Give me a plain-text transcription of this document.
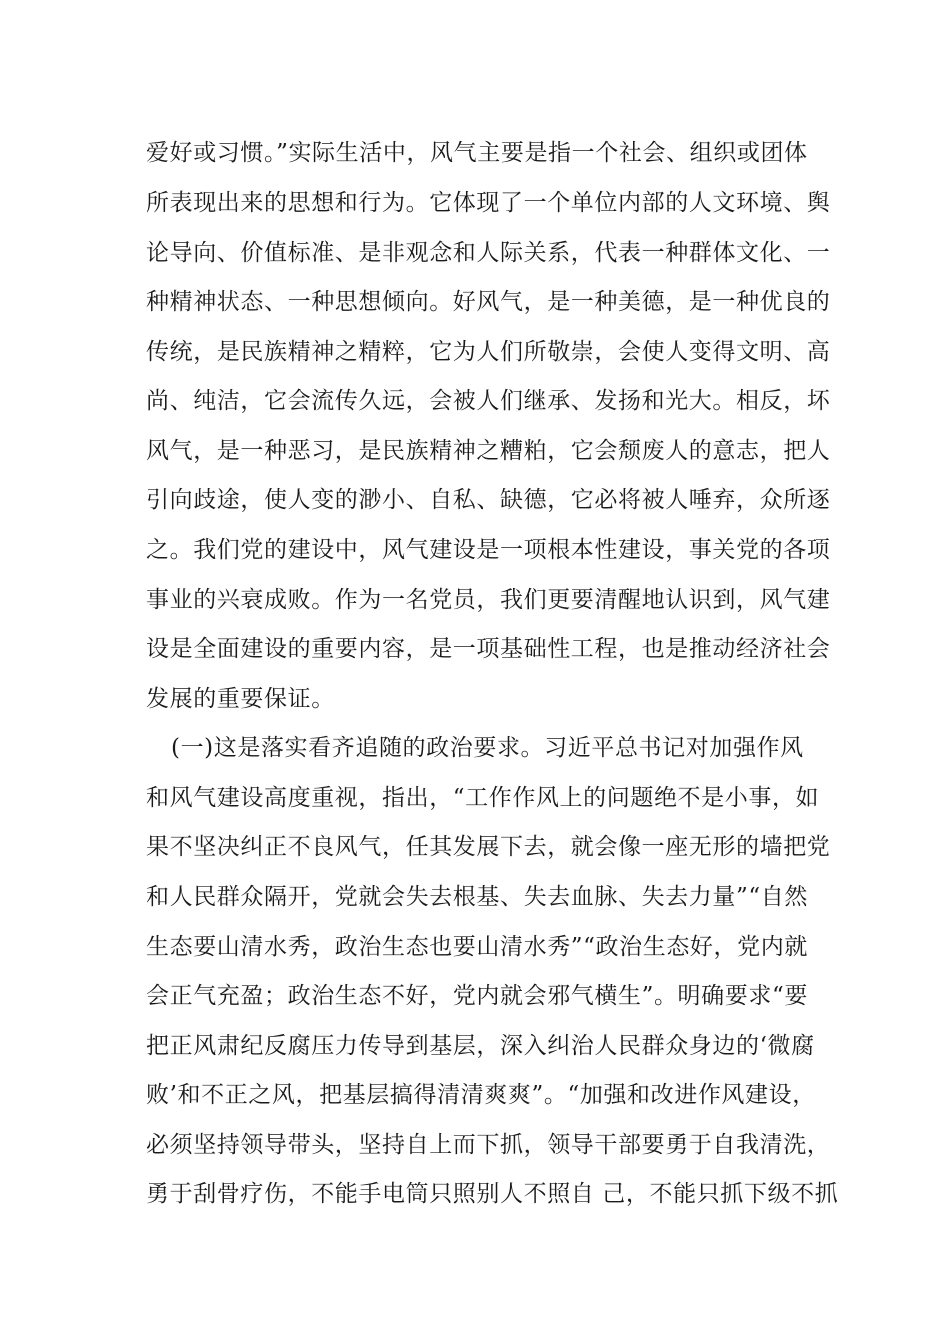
爱好或习惯。”实际生活中，风气主要是指一个社会、组织或团体
所表现出来的思想和行为。它体现了一个单位内部的人文环境、舆
论导向、价值标准、是非观念和人际关系，代表一种群体文化、一
种精神状态、一种思想倾向。好风气，是一种美德，是一种优良的
传统，是民族精神之精粹，它为人们所敬崇，会使人变得文明、高
尚、纯洁，它会流传久远，会被人们继承、发扬和光大。相反，坏
风气，是一种恶习，是民族精神之糟粕，它会颓废人的意志，把人
引向歧途，使人变的渺小、自私、缺德，它必将被人唾弃，众所逐
之。我们党的建设中，风气建设是一项根本性建设，事关党的各项
事业的兴衰成败。作为一名党员，我们更要清醒地认识到，风气建
设是全面建设的重要内容，是一项基础性工程，也是推动经济社会
发展的重要保证。
(一)这是落实看齐追随的政治要求。习近平总书记对加强作风
和风气建设高度重视，指出，“工作作风上的问题绝不是小事，如
果不坚决纠正不良风气，任其发展下去，就会像一座无形的墙把党
和人民群众隔开，党就会失去根基、失去血脉、失去力量”“自然
生态要山清水秀，政治生态也要山清水秀”“政治生态好，党内就
会正气充盈；政治生态不好，党内就会邪气横生”。明确要求“要
把正风肃纪反腐压力传导到基层，深入纠治人民群众身边的‘微腐
败’和不正之风，把基层搞得清清爽爽”。“加强和改进作风建设，
必须坚持领导带头，坚持自上而下抓，领导干部要勇于自我清洗，
勇于刮骨疗伤，不能手电筒只照别人不照自 己，不能只抓下级不抓
